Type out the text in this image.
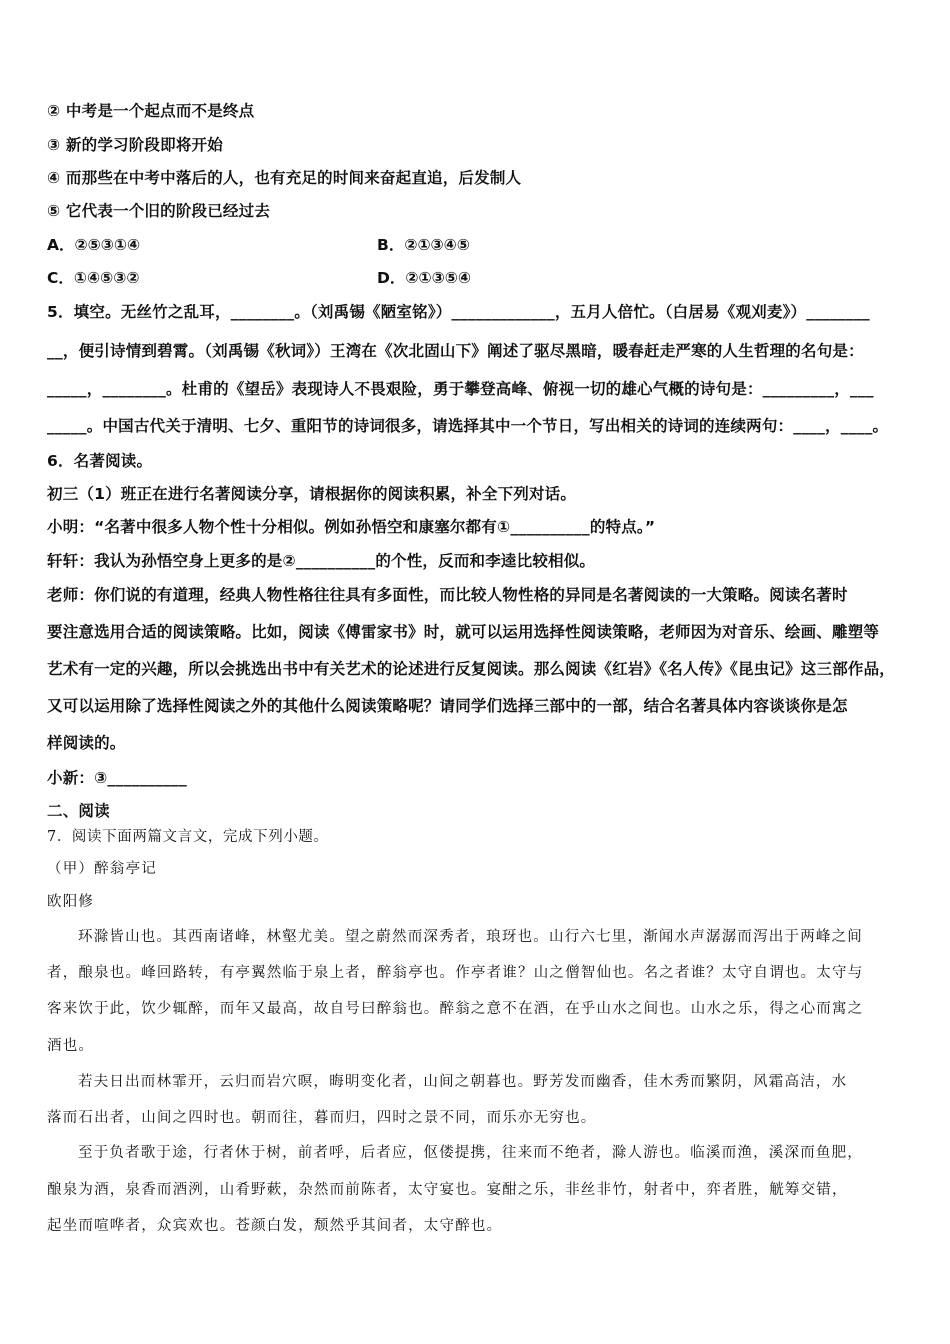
② 中考是一个起点而不是终点
③ 新的学习阶段即将开始
④ 而那些在中考中落后的人，也有充足的时间来奋起直追，后发制人
⑤ 它代表一个旧的阶段已经过去
A．②⑤③①④	B．②①③④⑤
C．①④⑤③②	D．②①③⑤④
5．填空。无丝竹之乱耳，________。（刘禹锡《陋室铭》）_____________，五月人倍忙。（白居易《观刈麦》）________
__，便引诗情到碧霄。（刘禹锡《秋词》）王湾在《次北固山下》阐述了驱尽黑暗，暖春赶走严寒的人生哲理的名句是：
_____，________。杜甫的《望岳》表现诗人不畏艰险，勇于攀登高峰、俯视一切的雄心气概的诗句是：_________，___
_____。中国古代关于清明、七夕、重阳节的诗词很多，请选择其中一个节日，写出相关的诗词的连续两句：____，____。
6．名著阅读。
初三（1）班正在进行名著阅读分享，请根据你的阅读积累，补全下列对话。
小明：“名著中很多人物个性十分相似。例如孙悟空和康塞尔都有①__________的特点。”
轩轩：我认为孙悟空身上更多的是②__________的个性，反而和李逵比较相似。
老师：你们说的有道理，经典人物性格往往具有多面性，而比较人物性格的异同是名著阅读的一大策略。阅读名著时
要注意选用合适的阅读策略。比如，阅读《傅雷家书》时，就可以运用选择性阅读策略，老师因为对音乐、绘画、雕塑等
艺术有一定的兴趣，所以会挑选出书中有关艺术的论述进行反复阅读。那么阅读《红岩》《名人传》《昆虫记》这三部作品，
又可以运用除了选择性阅读之外的其他什么阅读策略呢？请同学们选择三部中的一部，结合名著具体内容谈谈你是怎
样阅读的。
小新：③__________
二、阅读
7．阅读下面两篇文言文，完成下列小题。
（甲）醉翁亭记
欧阳修
环滁皆山也。其西南诸峰，林壑尤美。望之蔚然而深秀者，琅玡也。山行六七里，渐闻水声潺潺而泻出于两峰之间
者，酿泉也。峰回路转，有亭翼然临于泉上者，醉翁亭也。作亭者谁？山之僧智仙也。名之者谁？太守自谓也。太守与
客来饮于此，饮少辄醉，而年又最高，故自号曰醉翁也。醉翁之意不在酒，在乎山水之间也。山水之乐，得之心而寓之
酒也。
若夫日出而林霏开，云归而岩穴暝，晦明变化者，山间之朝暮也。野芳发而幽香，佳木秀而繁阴，风霜高洁，水
落而石出者，山间之四时也。朝而往，暮而归，四时之景不同，而乐亦无穷也。
至于负者歌于途，行者休于树，前者呼，后者应，伛偻提携，往来而不绝者，滁人游也。临溪而渔，溪深而鱼肥，
酿泉为酒，泉香而酒洌，山肴野蔌，杂然而前陈者，太守宴也。宴酣之乐，非丝非竹，射者中，弈者胜，觥筹交错，
起坐而喧哗者，众宾欢也。苍颜白发，颓然乎其间者，太守醉也。
